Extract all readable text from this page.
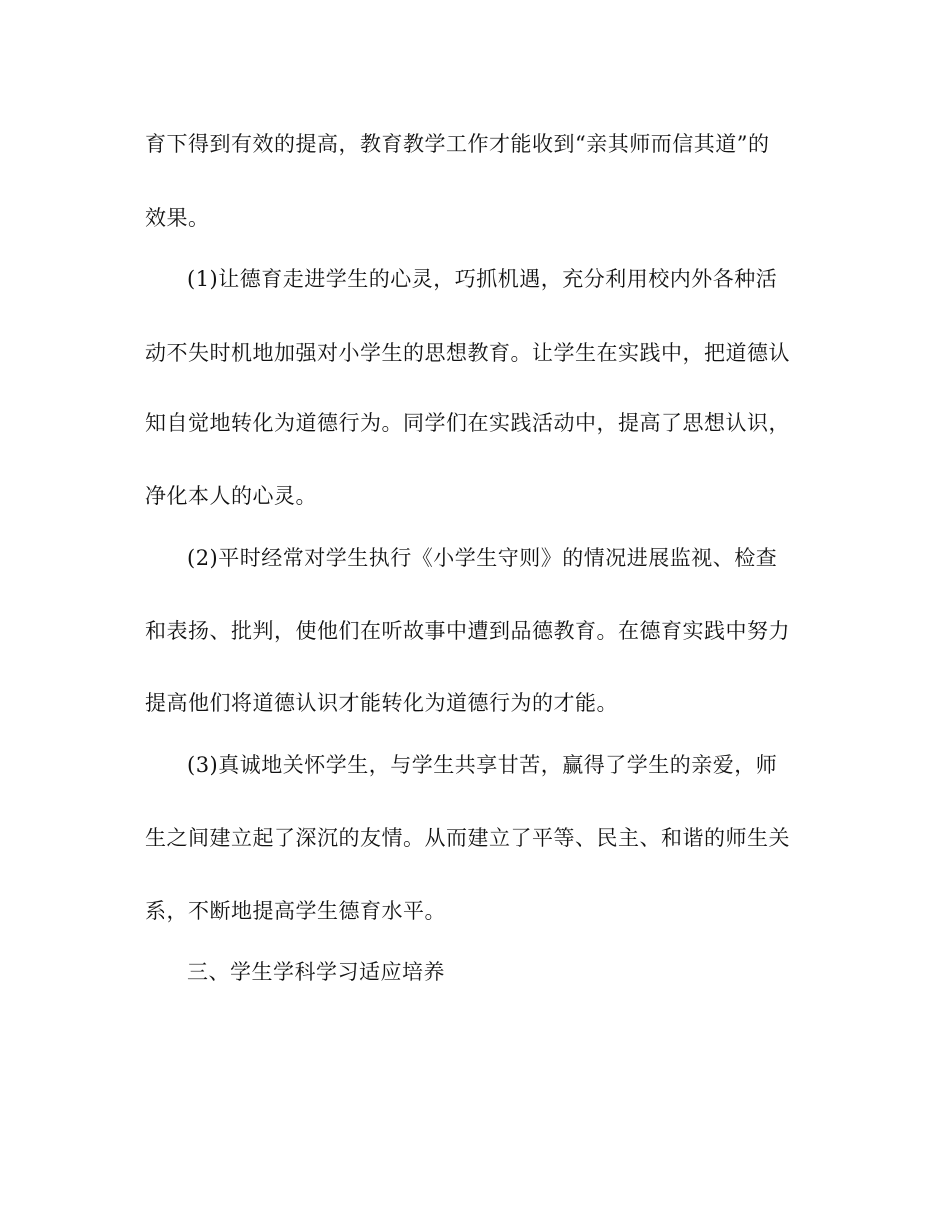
育下得到有效的提高，教育教学工作才能收到“亲其师而信其道”的
效果。
(1)让德育走进学生的心灵，巧抓机遇，充分利用校内外各种活
动不失时机地加强对小学生的思想教育。让学生在实践中，把道德认
知自觉地转化为道德行为。同学们在实践活动中，提高了思想认识，
净化本人的心灵。
(2)平时经常对学生执行《小学生守则》的情况进展监视、检查
和表扬、批判，使他们在听故事中遭到品德教育。在德育实践中努力
提高他们将道德认识才能转化为道德行为的才能。
(3)真诚地关怀学生，与学生共享甘苦，赢得了学生的亲爱，师
生之间建立起了深沉的友情。从而建立了平等、民主、和谐的师生关
系，不断地提高学生德育水平。
三、学生学科学习适应培养
